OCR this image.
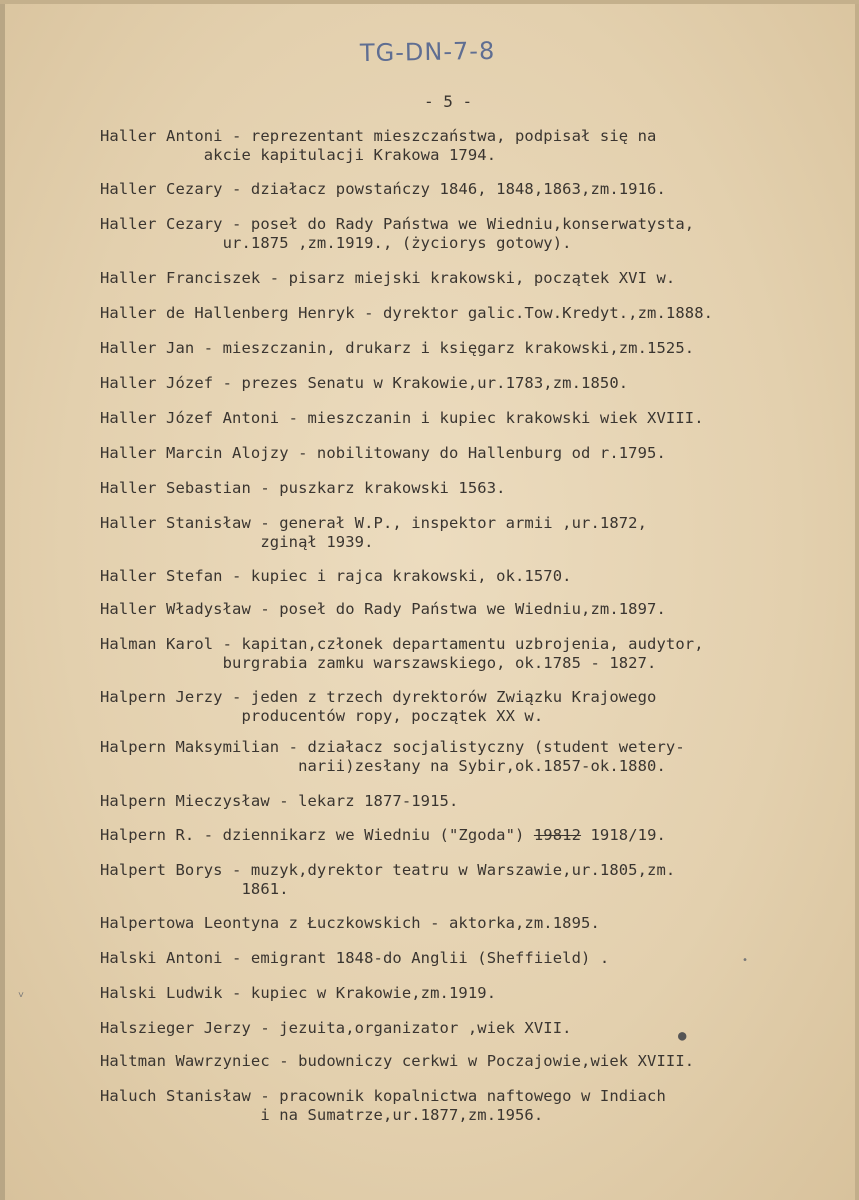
TG-DN-7-8
- 5 -
Haller Antoni - reprezentant mieszczaństwa, podpisał się na
akcie kapitulacji Krakowa 1794.
Haller Cezary - działacz powstańczy 1846, 1848,1863,zm.1916.
Haller Cezary - poseł do Rady Państwa we Wiedniu,konserwatysta,
ur.1875 ,zm.1919., (życiorys gotowy).
Haller Franciszek - pisarz miejski krakowski, początek XVI w.
Haller de Hallenberg Henryk - dyrektor galic.Tow.Kredyt.,zm.1888.
Haller Jan - mieszczanin, drukarz i księgarz krakowski,zm.1525.
Haller Józef - prezes Senatu w Krakowie,ur.1783,zm.1850.
Haller Józef Antoni - mieszczanin i kupiec krakowski wiek XVIII.
Haller Marcin Alojzy - nobilitowany do Hallenburg od r.1795.
Haller Sebastian - puszkarz krakowski 1563.
Haller Stanisław - generał W.P., inspektor armii ,ur.1872,
zginął 1939.
Haller Stefan - kupiec i rajca krakowski, ok.1570.
Haller Władysław - poseł do Rady Państwa we Wiedniu,zm.1897.
Halman Karol - kapitan,członek departamentu uzbrojenia, audytor,
burgrabia zamku warszawskiego, ok.1785 - 1827.
Halpern Jerzy - jeden z trzech dyrektorów Związku Krajowego
producentów ropy, początek XX w.
Halpern Maksymilian - działacz socjalistyczny (student wetery-
narii)zesłany na Sybir,ok.1857-ok.1880.
Halpern Mieczysław - lekarz 1877-1915.
Halpern R. - dziennikarz we Wiedniu ("Zgoda") 19812 1918/19.
Halpert Borys - muzyk,dyrektor teatru w Warszawie,ur.1805,zm.
1861.
Halpertowa Leontyna z Łuczkowskich - aktorka,zm.1895.
Halski Antoni - emigrant 1848-do Anglii (Sheffiield) .
Halski Ludwik - kupiec w Krakowie,zm.1919.
Halszieger Jerzy - jezuita,organizator ,wiek XVII.
Haltman Wawrzyniec - budowniczy cerkwi w Poczajowie,wiek XVIII.
Haluch Stanisław - pracownik kopalnictwa naftowego w Indiach
i na Sumatrze,ur.1877,zm.1956.
˅
•
●
